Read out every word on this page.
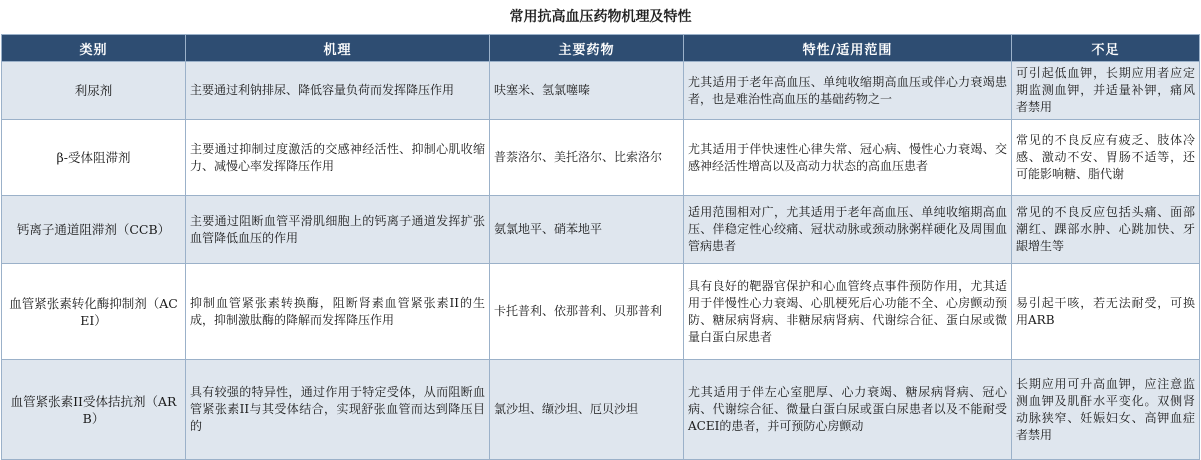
常用抗高血压药物机理及特性
类别	机理	主要药物	特性/适用范围	不足
利尿剂	主要通过利钠排尿、降低容量负荷而发挥降压作用	呋塞米、氢氯噻嗪	尤其适用于老年高血压、单纯收缩期高血压或伴心力衰竭患者，也是难治性高血压的基础药物之一	可引起低血钾，长期应用者应定期监测血钾，并适量补钾，痛风者禁用
β-受体阻滞剂	主要通过抑制过度激活的交感神经活性、抑制心肌收缩力、减慢心率发挥降压作用	普萘洛尔、美托洛尔、比索洛尔	尤其适用于伴快速性心律失常、冠心病、慢性心力衰竭、交感神经活性增高以及高动力状态的高血压患者	常见的不良反应有疲乏、肢体冷感、激动不安、胃肠不适等，还可能影响糖、脂代谢
钙离子通道阻滞剂（CCB）	主要通过阻断血管平滑肌细胞上的钙离子通道发挥扩张血管降低血压的作用	氨氯地平、硝苯地平	适用范围相对广，尤其适用于老年高血压、单纯收缩期高血压、伴稳定性心绞痛、冠状动脉或颈动脉粥样硬化及周围血管病患者	常见的不良反应包括头痛、面部潮红、踝部水肿、心跳加快、牙龈增生等
血管紧张素转化酶抑制剂（ACEI）	抑制血管紧张素转换酶，阻断肾素血管紧张素II的生成，抑制激肽酶的降解而发挥降压作用	卡托普利、依那普利、贝那普利	具有良好的靶器官保护和心血管终点事件预防作用，尤其适用于伴慢性心力衰竭、心肌梗死后心功能不全、心房颤动预防、糖尿病肾病、非糖尿病肾病、代谢综合征、蛋白尿或微量白蛋白尿患者	易引起干咳，若无法耐受，可换用ARB
血管紧张素II受体拮抗剂（ARB）	具有较强的特异性，通过作用于特定受体，从而阻断血管紧张素II与其受体结合，实现舒张血管而达到降压目的	氯沙坦、缬沙坦、厄贝沙坦	尤其适用于伴左心室肥厚、心力衰竭、糖尿病肾病、冠心病、代谢综合征、微量白蛋白尿或蛋白尿患者以及不能耐受ACEI的患者，并可预防心房颤动	长期应用可升高血钾，应注意监测血钾及肌酐水平变化。双侧肾动脉狭窄、妊娠妇女、高钾血症者禁用
